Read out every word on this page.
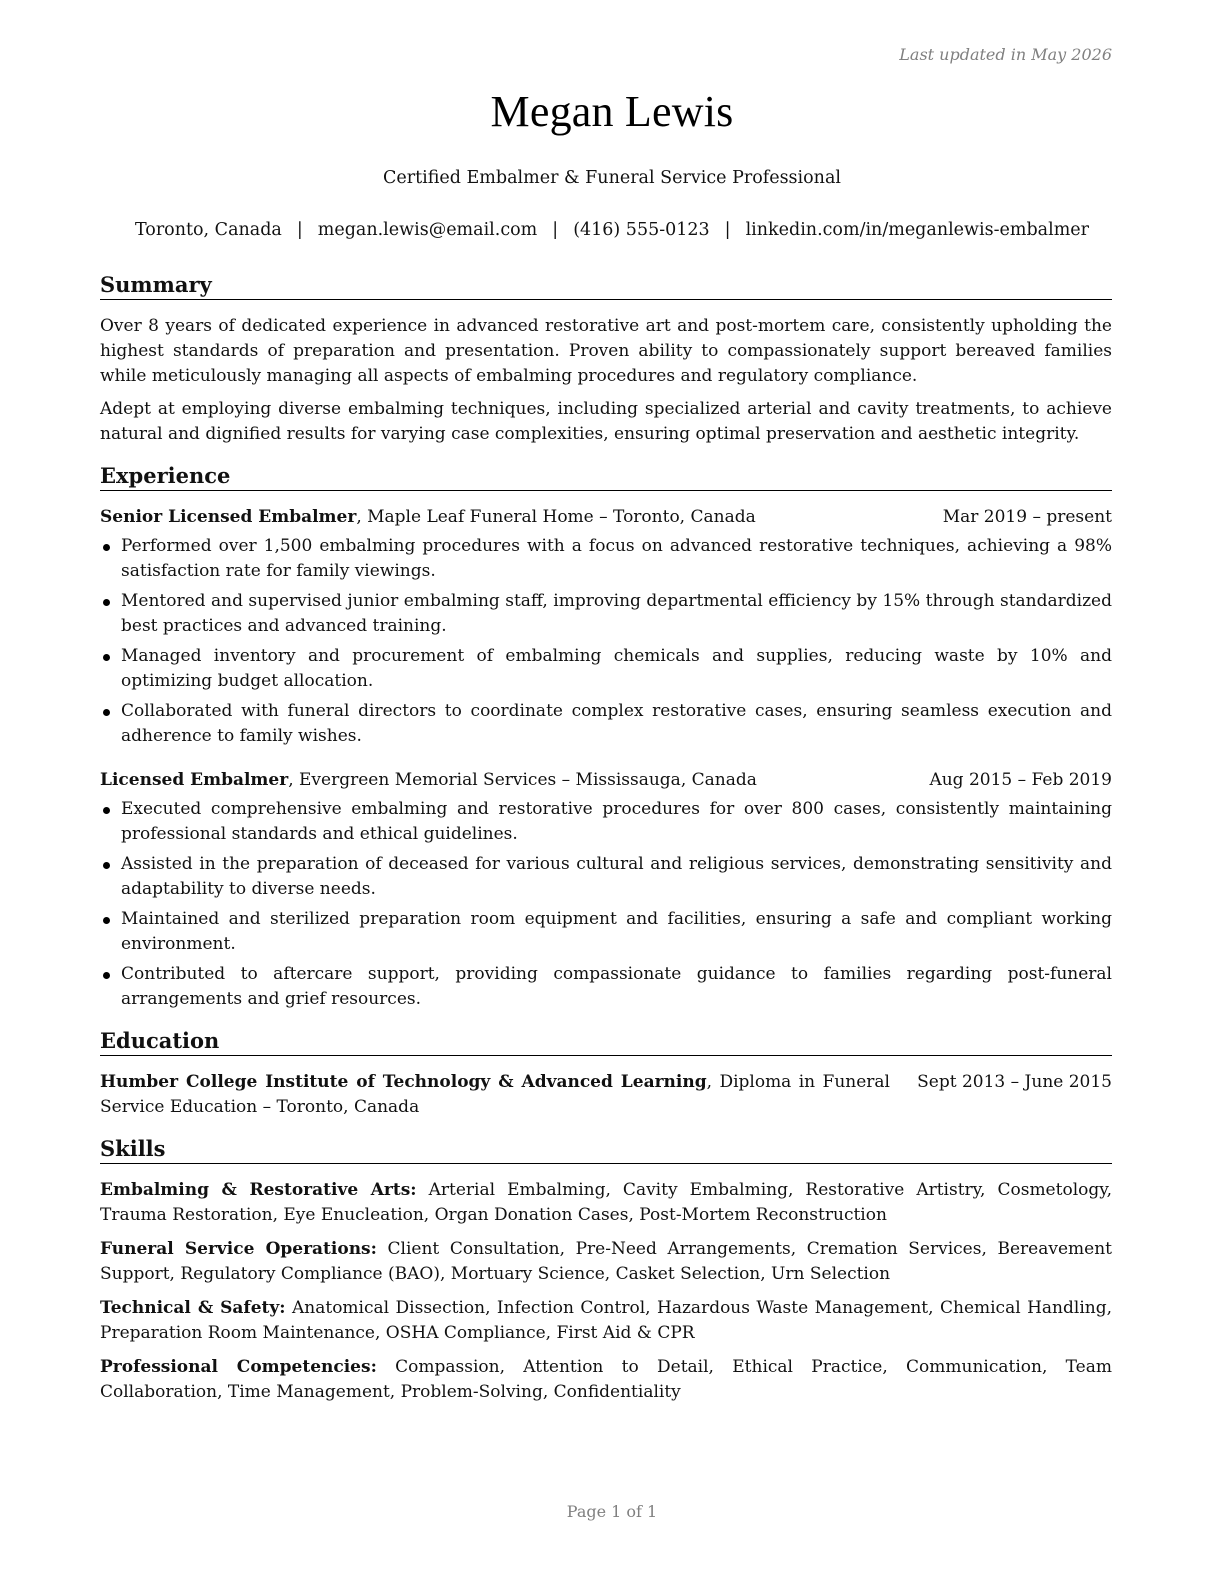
Last updated in May 2026
Megan Lewis
Certified Embalmer & Funeral Service Professional
Toronto, Canada | megan.lewis@email.com | (416) 555-0123 | linkedin.com/in/meganlewis-embalmer
Summary

Over 8 years of dedicated experience in advanced restorative art and post-mortem care, consistently upholding the highest standards of preparation and presentation. Proven ability to compassionately support bereaved families while meticulously managing all aspects of embalming procedures and regulatory compliance.

Adept at employing diverse embalming techniques, including specialized arterial and cavity treatments, to achieve natural and dignified results for varying case complexities, ensuring optimal preservation and aesthetic integrity.

Experience
Senior Licensed Embalmer, Maple Leaf Funeral Home – Toronto, Canada	Mar 2019 – present
Performed over 1,500 embalming procedures with a focus on advanced restorative techniques, achieving a 98% satisfaction rate for family viewings.
Mentored and supervised junior embalming staff, improving departmental efficiency by 15% through standardized best practices and advanced training.
Managed inventory and procurement of embalming chemicals and supplies, reducing waste by 10% and optimizing budget allocation.
Collaborated with funeral directors to coordinate complex restorative cases, ensuring seamless execution and adherence to family wishes.
Licensed Embalmer, Evergreen Memorial Services – Mississauga, Canada	Aug 2015 – Feb 2019
Executed comprehensive embalming and restorative procedures for over 800 cases, consistently maintaining professional standards and ethical guidelines.
Assisted in the preparation of deceased for various cultural and religious services, demonstrating sensitivity and adaptability to diverse needs.
Maintained and sterilized preparation room equipment and facilities, ensuring a safe and compliant working environment.
Contributed to aftercare support, providing compassionate guidance to families regarding post-funeral arrangements and grief resources.
Education
Humber College Institute of Technology & Advanced Learning, Diploma in Funeral Service Education – Toronto, Canada
Sept 2013 – June 2015
Skills

Embalming & Restorative Arts: Arterial Embalming, Cavity Embalming, Restorative Artistry, Cosmetology, Trauma Restoration, Eye Enucleation, Organ Donation Cases, Post-Mortem Reconstruction

Funeral Service Operations: Client Consultation, Pre-Need Arrangements, Cremation Services, Bereavement Support, Regulatory Compliance (BAO), Mortuary Science, Casket Selection, Urn Selection

Technical & Safety: Anatomical Dissection, Infection Control, Hazardous Waste Management, Chemical Handling, Preparation Room Maintenance, OSHA Compliance, First Aid & CPR

Professional Competencies: Compassion, Attention to Detail, Ethical Practice, Communication, Team Collaboration, Time Management, Problem-Solving, Confidentiality

Page 1 of 1
